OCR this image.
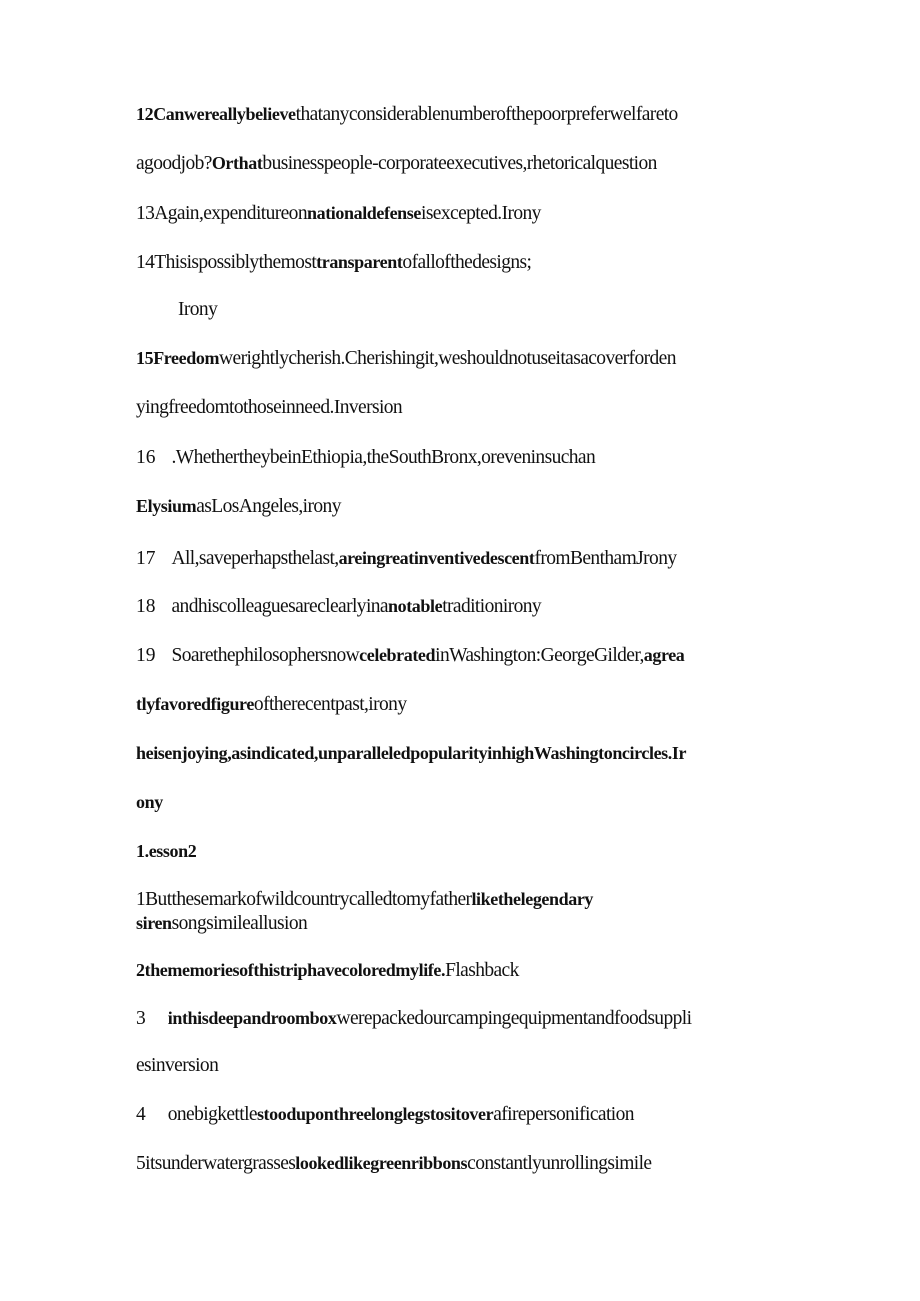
12Canwereallybelievethatanyconsiderablenumberofthepoorpreferwelfareto
agoodjob?Orthatbusinesspeople-corporateexecutives,rhetoricalquestion
13Again,expenditureonnationaldefenseisexcepted.Irony
14Thisispossiblythemosttransparentofallofthedesigns;
Irony
15Freedomwerightlycherish.Cherishingit,weshouldnotuseitasacoverforden
yingfreedomtothoseinneed.Inversion
16 .WhethertheybeinEthiopia,theSouthBronx,oreveninsuchan
ElysiumasLosAngeles,irony
17 All,saveperhapsthelast,areingreatinventivedescentfromBenthamJrony
18 andhiscolleaguesareclearlyinanotabletraditionirony
19 SoarethephilosophersnowcelebratedinWashington:GeorgeGilder,agrea
tlyfavoredfigureoftherecentpast,irony
heisenjoying,asindicated,unparalleledpopularityinhighWashingtoncircles.Ir
ony
1.esson2
1Butthesemarkofwildcountrycalledtomyfatherlikethelegendary
sirensongsimileallusion
2thememoriesofthistriphavecoloredmylife.Flashback
3 inthisdeepandroomboxwerepackedourcampingequipmentandfoodsuppli
esinversion
4 onebigkettlestooduponthreelonglegstositoverafirepersonification
5itsunderwatergrasseslookedlikegreenribbonsconstantlyunrollingsimile
